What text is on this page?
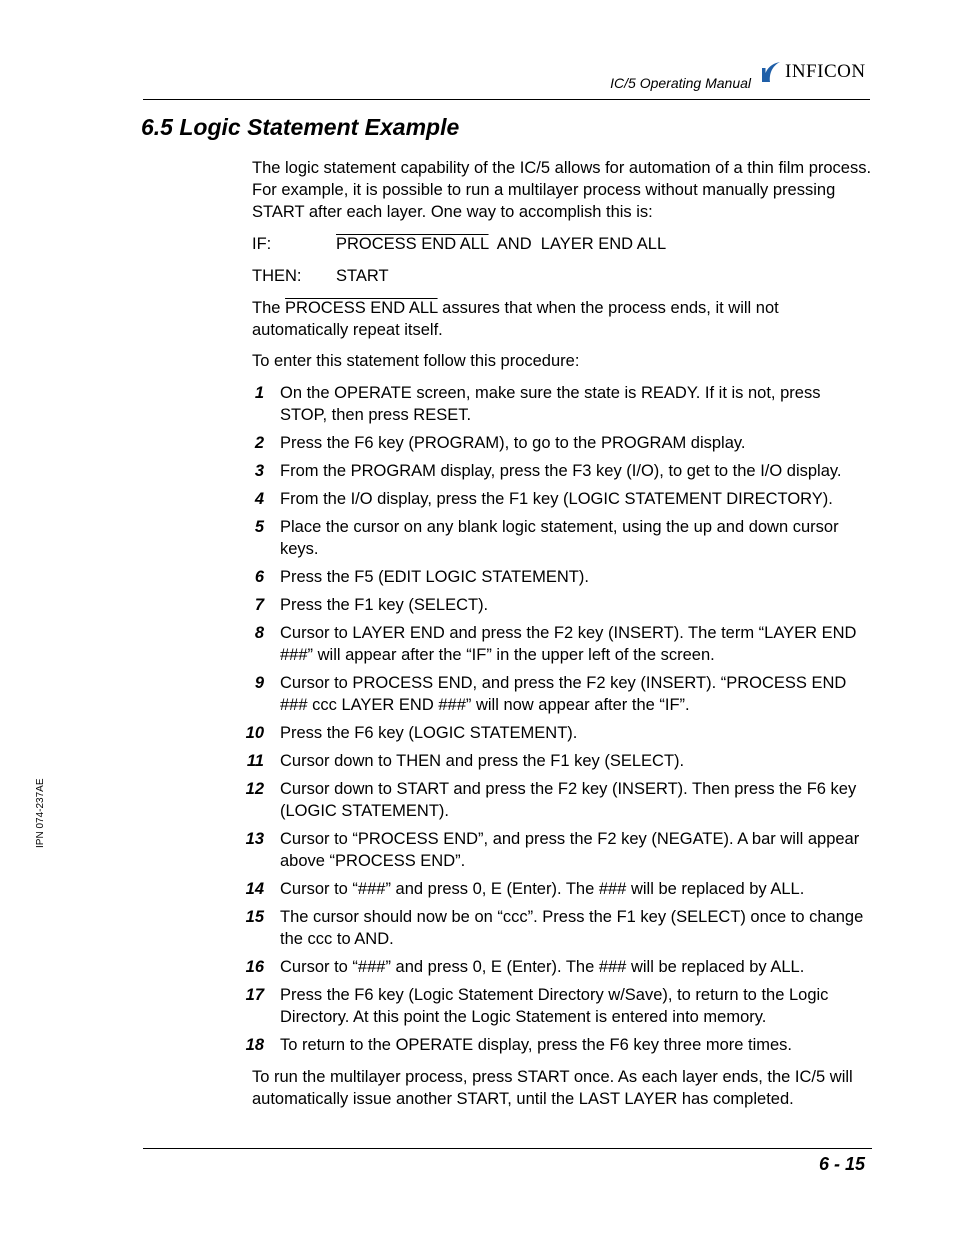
IC/5 Operating Manual
INFICON
6.5 Logic Statement Example

The logic statement capability of the IC/5 allows for automation of a thin film process. For example, it is possible to run a multilayer process without manually pressing START after each layer. One way to accomplish this is:

IF:	PROCESS END ALL  AND  LAYER END ALL
THEN: START

The PROCESS END ALL assures that when the process ends, it will not automatically repeat itself.

To enter this statement follow this procedure:

1 On the OPERATE screen, make sure the state is READY. If it is not, press STOP, then press RESET.
2 Press the F6 key (PROGRAM), to go to the PROGRAM display.
3 From the PROGRAM display, press the F3 key (I/O), to get to the I/O display.
4 From the I/O display, press the F1 key (LOGIC STATEMENT DIRECTORY).
5 Place the cursor on any blank logic statement, using the up and down cursor keys.
6 Press the F5 (EDIT LOGIC STATEMENT).
7 Press the F1 key (SELECT).
8 Cursor to LAYER END and press the F2 key (INSERT). The term “LAYER END ###” will appear after the “IF” in the upper left of the screen.
9 Cursor to PROCESS END, and press the F2 key (INSERT). “PROCESS END ### ccc LAYER END ###” will now appear after the “IF”.
10 Press the F6 key (LOGIC STATEMENT).
11 Cursor down to THEN and press the F1 key (SELECT).
12 Cursor down to START and press the F2 key (INSERT). Then press the F6 key (LOGIC STATEMENT).
13 Cursor to “PROCESS END”, and press the F2 key (NEGATE). A bar will appear above “PROCESS END”.
14 Cursor to “###” and press 0, E (Enter). The ### will be replaced by ALL.
15 The cursor should now be on “ccc”. Press the F1 key (SELECT) once to change the ccc to AND.
16 Cursor to “###” and press 0, E (Enter). The ### will be replaced by ALL.
17 Press the F6 key (Logic Statement Directory w/Save), to return to the Logic Directory. At this point the Logic Statement is entered into memory.
18 To return to the OPERATE display, press the F6 key three more times.

To run the multilayer process, press START once. As each layer ends, the IC/5 will automatically issue another START, until the LAST LAYER has completed.

IPN 074-237AE
6 - 15
